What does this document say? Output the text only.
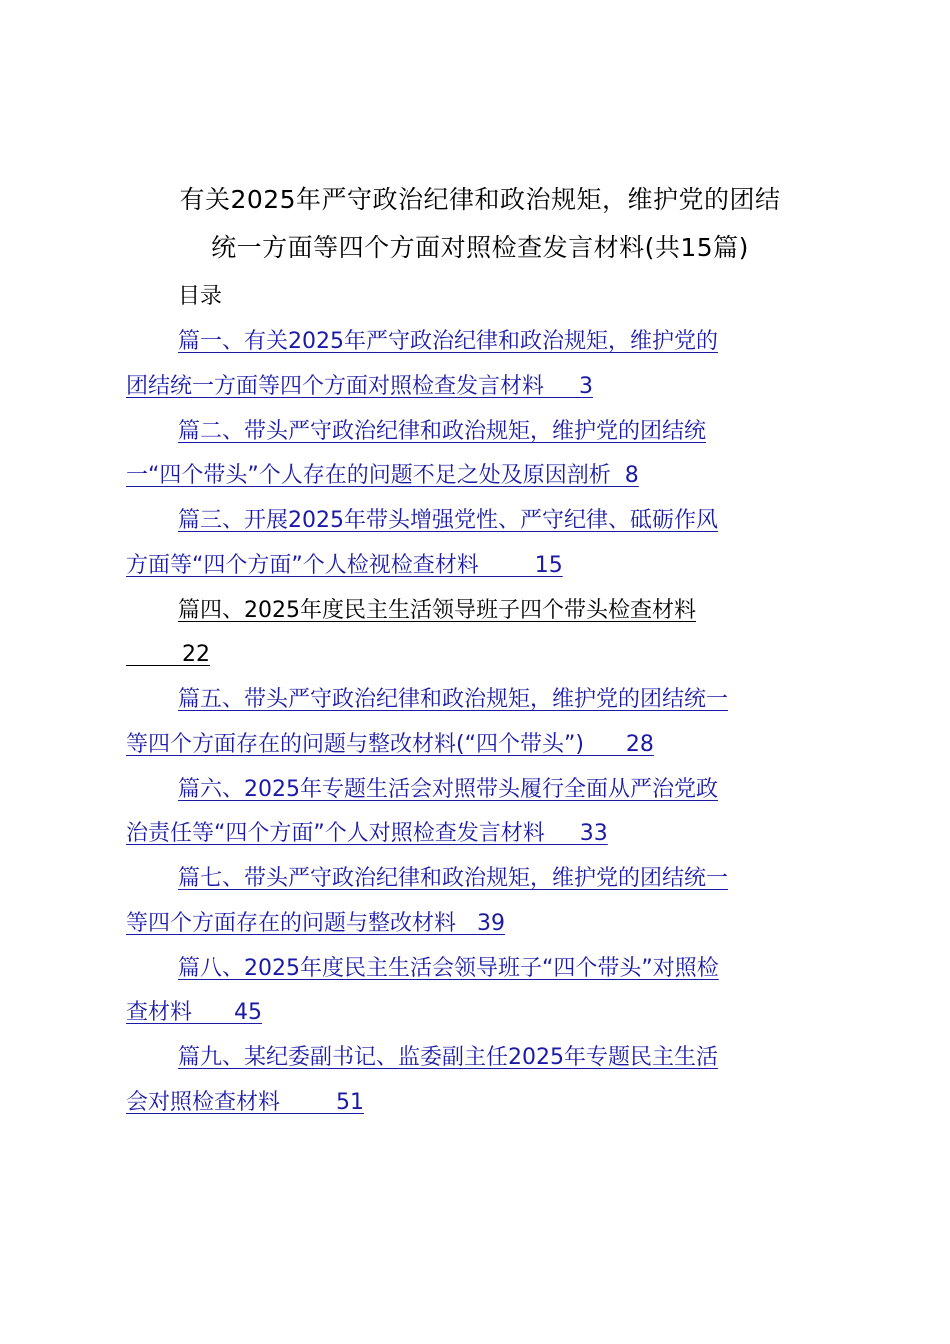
有关2025年严守政治纪律和政治规矩，维护党的团结
统一方面等四个方面对照检查发言材料(共15篇)
目录
篇一、有关2025年严守政治纪律和政治规矩，维护党的
团结统一方面等四个方面对照检查发言材料     3
篇二、带头严守政治纪律和政治规矩，维护党的团结统
一“四个带头”个人存在的问题不足之处及原因剖析  8
篇三、开展2025年带头增强党性、严守纪律、砥砺作风
方面等“四个方面”个人检视检查材料        15
篇四、2025年度民主生活领导班子四个带头检查材料
22
篇五、带头严守政治纪律和政治规矩，维护党的团结统一
等四个方面存在的问题与整改材料(“四个带头”)      28
篇六、2025年专题生活会对照带头履行全面从严治党政
治责任等“四个方面”个人对照检查发言材料     33
篇七、带头严守政治纪律和政治规矩，维护党的团结统一
等四个方面存在的问题与整改材料   39
篇八、2025年度民主生活会领导班子“四个带头”对照检
查材料      45
篇九、某纪委副书记、监委副主任2025年专题民主生活
会对照检查材料        51
